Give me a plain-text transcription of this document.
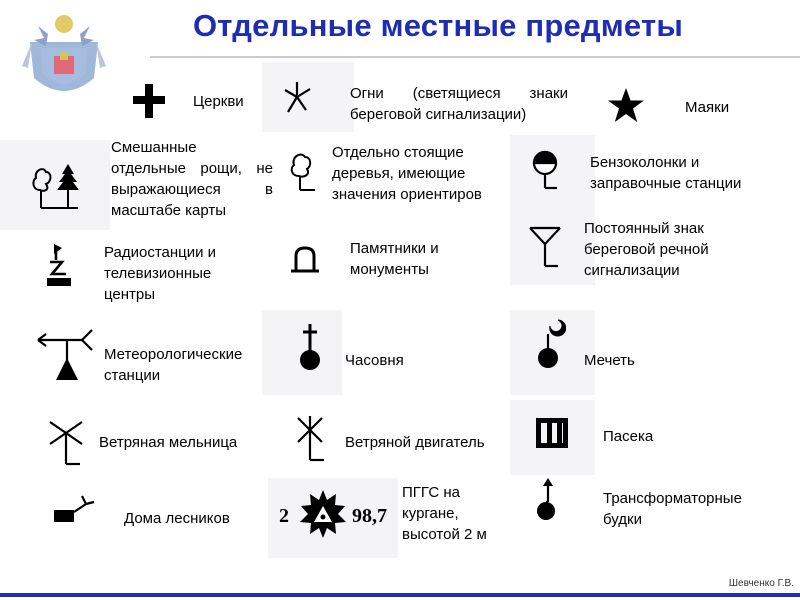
Отдельные местные предметы
Церкви	Огни (светящиеся знаки береговой сигнализации)	Маяки
Смешанные отдельные рощи, не выражающиеся в масштабе карты
Отдельно стоящие деревья, имеющие значения ориентиров
Бензоколонки и заправочные станции
Радиостанции и телевизионные центры
Памятники и монументы
Постоянный знак береговой речной сигнализации
Метеорологические станции
Часовня	Мечеть
Ветряная мельница	Ветряной двигатель	Пасека
Дома лесников 2	98,7
ПГГС на кургане, высотой 2 м
Трансформаторные будки
Шевченко Г.В.
